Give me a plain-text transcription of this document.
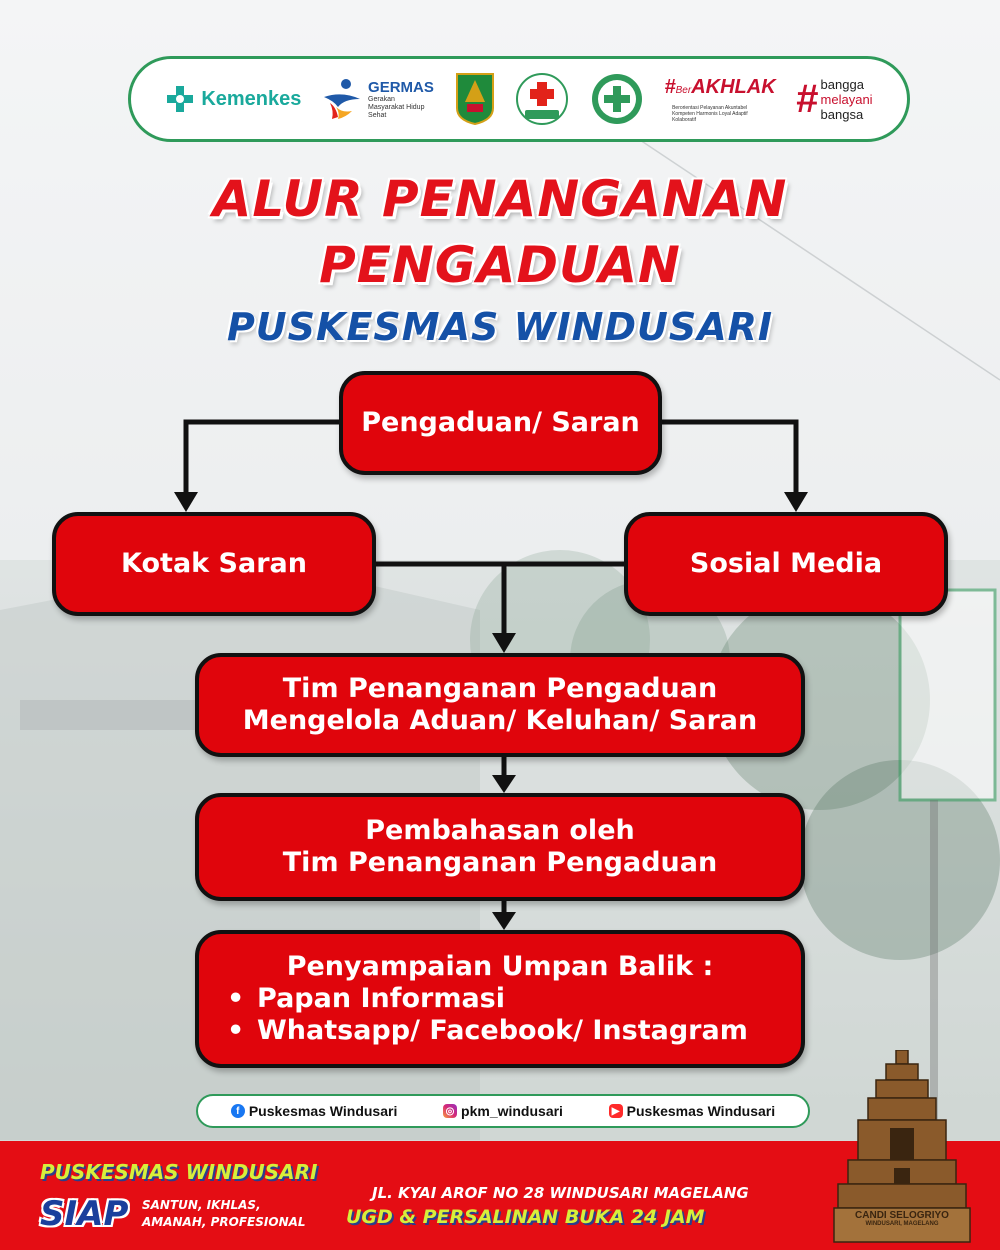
Kemenkes
GERMAS
Gerakan Masyarakat Hidup Sehat
#BerAKHLAK
Berorientasi Pelayanan Akuntabel Kompeten Harmonis Loyal Adaptif Kolaboratif	# bangga
melayani
bangsa
ALUR PENANGANAN
PENGADUAN
PUSKESMAS WINDUSARI
Pengaduan/ Saran
Kotak Saran	Sosial Media
Tim Penanganan Pengaduan
Mengelola Aduan/ Keluhan/ Saran
Pembahasan oleh
Tim Penanganan Pengaduan
Penyampaian Umpan Balik :
• Papan Informasi
• Whatsapp/ Facebook/ Instagram
f Puskesmas Windusari	◎ pkm_windusari	▶ Puskesmas Windusari
PUSKESMAS WINDUSARI
SIAP SANTUN, IKHLAS,
AMANAH, PROFESIONAL
JL. KYAI AROF NO 28 WINDUSARI MAGELANG
UGD & PERSALINAN BUKA 24 JAM	CANDI SELOGRIYO
WINDUSARI, MAGELANG
